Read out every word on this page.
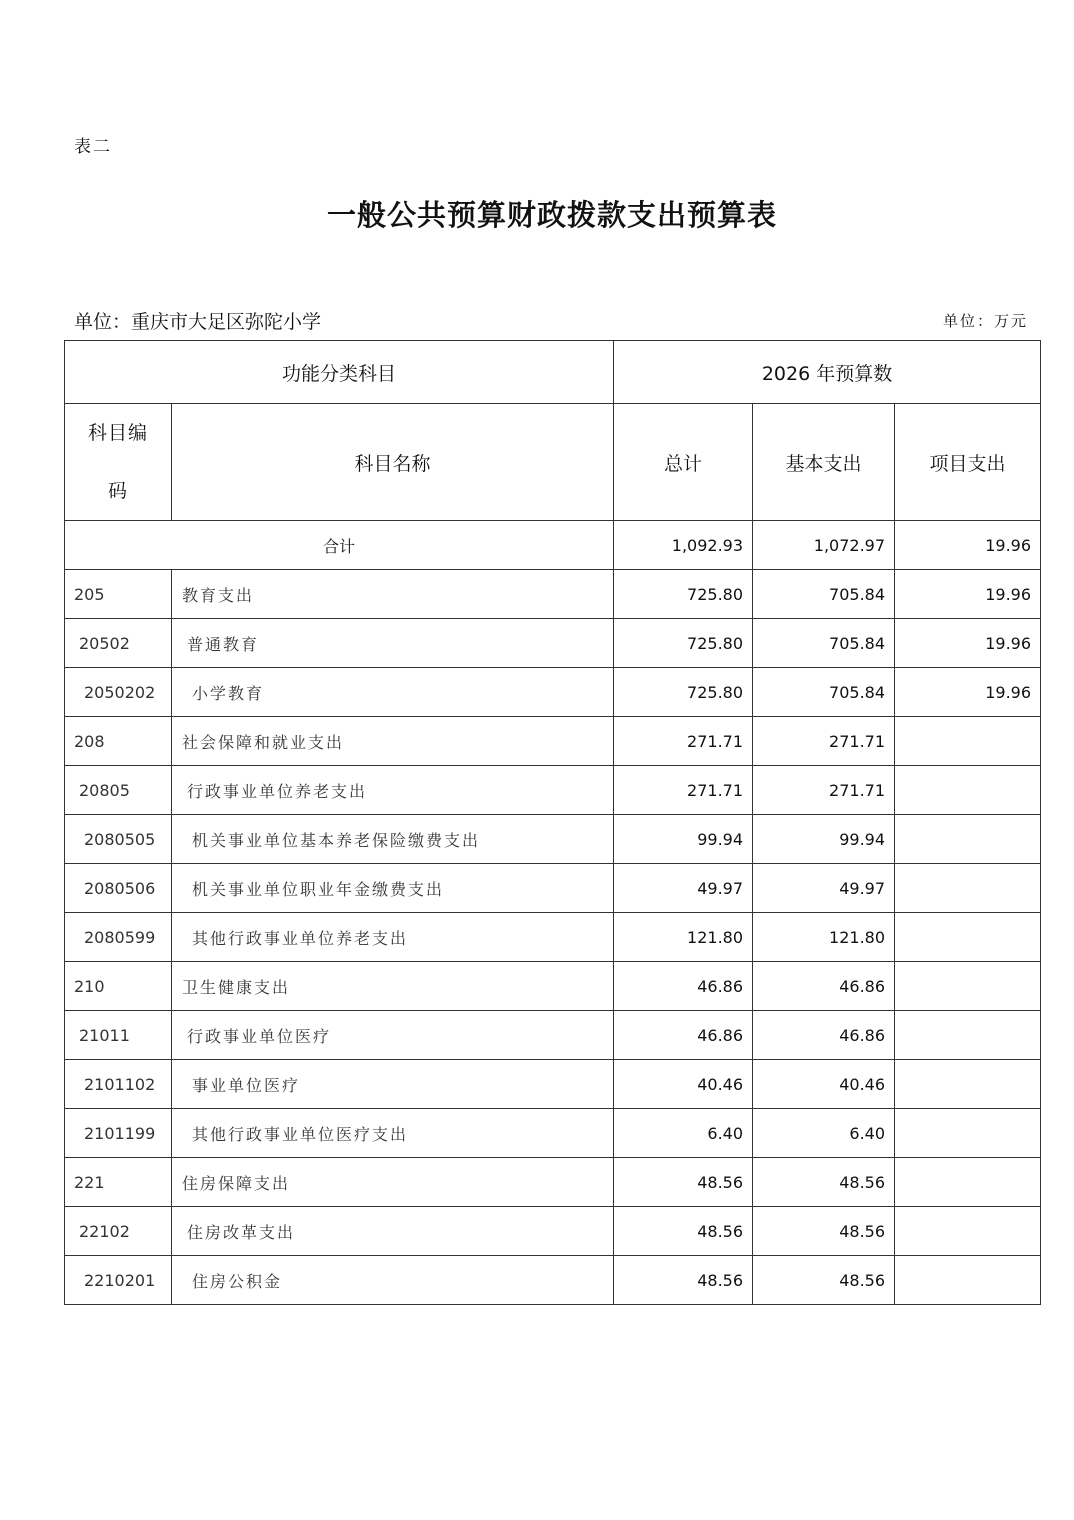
表二
一般公共预算财政拨款支出预算表
单位：重庆市大足区弥陀小学	单位：万元
功能分类科目		2026 年预算数		

科目编
码	科目名称	总计	基本支出	项目支出
合计		1,092.93	1,072.97	19.96
205	教育支出	725.80	705.84	19.96
20502	普通教育	725.80	705.84	19.96
2050202	小学教育	725.80	705.84	19.96
208	社会保障和就业支出	271.71	271.71	
20805	行政事业单位养老支出	271.71	271.71	
2080505	机关事业单位基本养老保险缴费支出	99.94	99.94	
2080506	机关事业单位职业年金缴费支出	49.97	49.97	
2080599	其他行政事业单位养老支出	121.80	121.80	
210	卫生健康支出	46.86	46.86	
21011	行政事业单位医疗	46.86	46.86	
2101102	事业单位医疗	40.46	40.46	
2101199	其他行政事业单位医疗支出	6.40	6.40	
221	住房保障支出	48.56	48.56	
22102	住房改革支出	48.56	48.56	
2210201	住房公积金	48.56	48.56	
